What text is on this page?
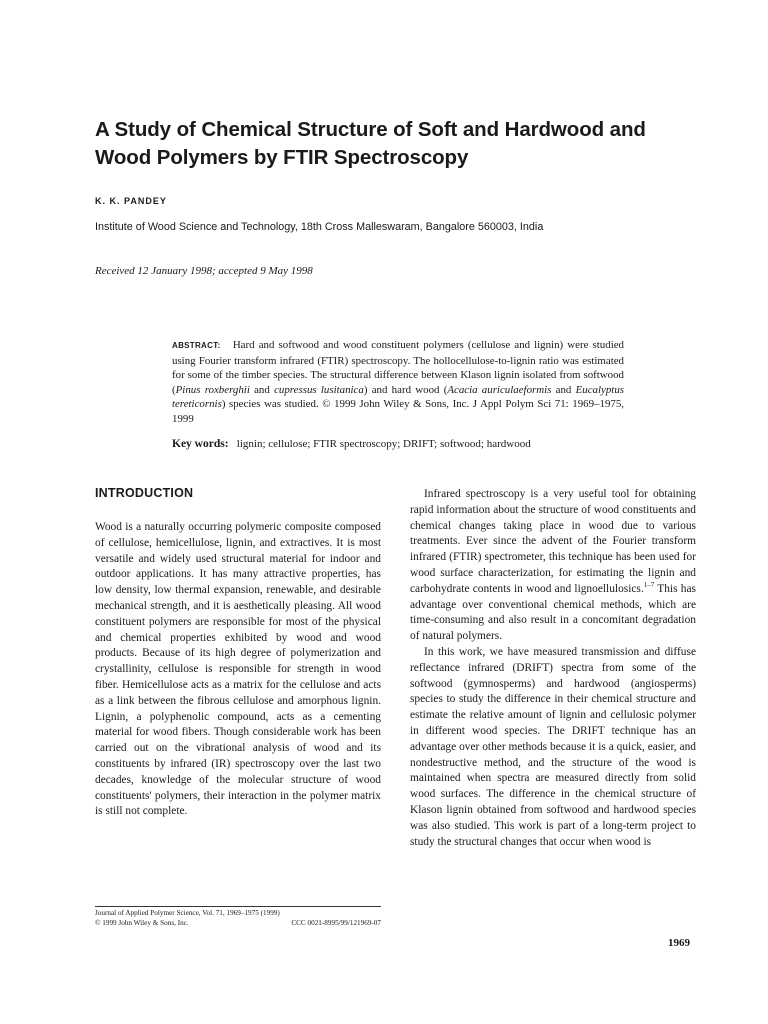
A Study of Chemical Structure of Soft and Hardwood and Wood Polymers by FTIR Spectroscopy
K. K. PANDEY
Institute of Wood Science and Technology, 18th Cross Malleswaram, Bangalore 560003, India
Received 12 January 1998; accepted 9 May 1998
ABSTRACT: Hard and softwood and wood constituent polymers (cellulose and lignin) were studied using Fourier transform infrared (FTIR) spectroscopy. The hollocellulose-to-lignin ratio was estimated for some of the timber species. The structural difference between Klason lignin isolated from softwood (Pinus roxberghii and cupressus lusitanica) and hard wood (Acacia auriculaeformis and Eucalyptus tereticornis) species was studied. © 1999 John Wiley & Sons, Inc. J Appl Polym Sci 71: 1969–1975, 1999
Key words: lignin; cellulose; FTIR spectroscopy; DRIFT; softwood; hardwood
INTRODUCTION

Wood is a naturally occurring polymeric composite composed of cellulose, hemicellulose, lignin, and extractives. It is most versatile and widely used structural material for indoor and outdoor applications. It has many attractive properties, has low density, low thermal expansion, renewable, and desirable mechanical strength, and it is aesthetically pleasing. All wood constituent polymers are responsible for most of the physical and chemical properties exhibited by wood and wood products. Because of its high degree of polymerization and crystallinity, cellulose is responsible for strength in wood fiber. Hemicellulose acts as a matrix for the cellulose and acts as a link between the fibrous cellulose and amorphous lignin. Lignin, a polyphenolic compound, acts as a cementing material for wood fibers. Though considerable work has been carried out on the vibrational analysis of wood and its constituents by infrared (IR) spectroscopy over the last two decades, knowledge of the molecular structure of wood constituents' polymers, their interaction in the polymer matrix is still not complete.

Infrared spectroscopy is a very useful tool for obtaining rapid information about the structure of wood constituents and chemical changes taking place in wood due to various treatments. Ever since the advent of the Fourier transform infrared (FTIR) spectrometer, this technique has been used for wood surface characterization, for estimating the lignin and carbohydrate contents in wood and lignoellulosics.$^{1-7}$ This has advantage over conventional chemical methods, which are time-consuming and also result in a concomitant degradation of natural polymers.

In this work, we have measured transmission and diffuse reflectance infrared (DRIFT) spectra from some of the softwood (gymnosperms) and hardwood (angiosperms) species to study the difference in their chemical structure and estimate the relative amount of lignin and cellulosic polymer in different wood species. The DRIFT technique has an advantage over other methods because it is a quick, easier, and nondestructive method, and the structure of the wood is maintained when spectra are measured directly from solid wood surfaces. The difference in the chemical structure of Klason lignin obtained from softwood and hardwood species was also studied. This work is part of a long-term project to study the structural changes that occur when wood is

Journal of Applied Polymer Science, Vol. 71, 1969–1975 (1999)
© 1999 John Wiley & Sons, Inc.	CCC 0021-8995/99/121969-07
1969
